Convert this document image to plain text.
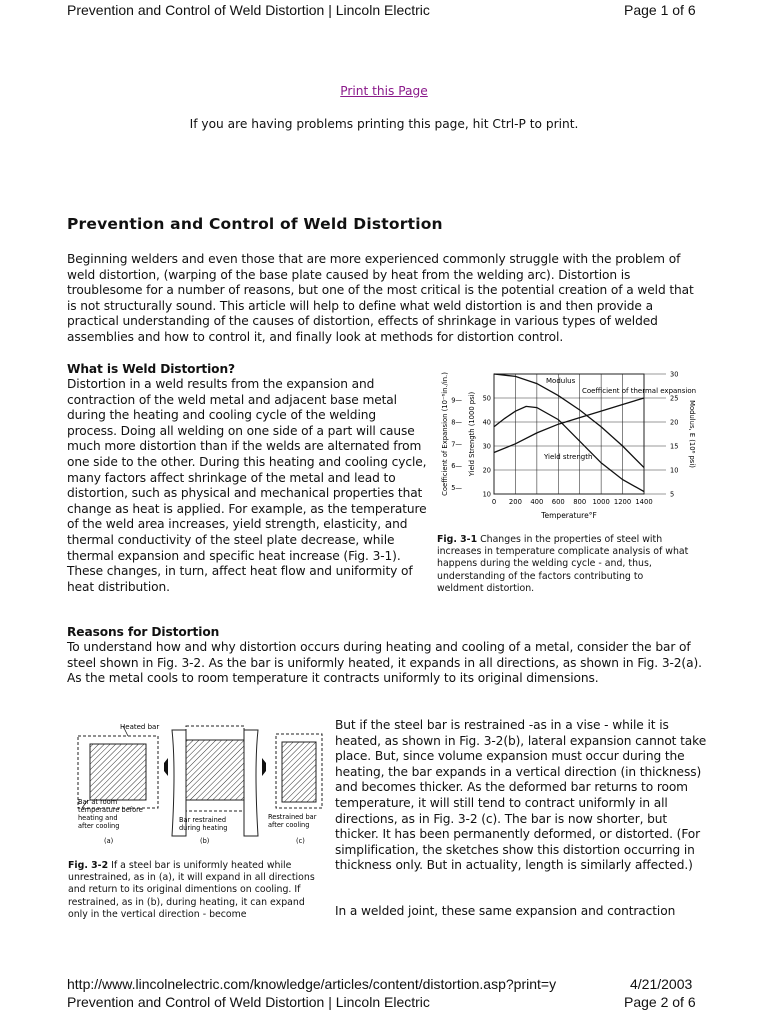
Prevention and Control of Weld Distortion | Lincoln Electric	Page 1 of 6
Print this Page
If you are having problems printing this page, hit Ctrl-P to print.
Prevention and Control of Weld Distortion

Beginning welders and even those that are more experienced commonly struggle with the problem of weld distortion, (warping of the base plate caused by heat from the welding arc). Distortion is troublesome for a number of reasons, but one of the most critical is the potential creation of a weld that is not structurally sound. This article will help to define what weld distortion is and then provide a practical understanding of the causes of distortion, effects of shrinkage in various types of welded assemblies and how to control it, and finally look at methods for distortion control.

What is Weld Distortion?

Distortion in a weld results from the expansion and contraction of the weld metal and adjacent base metal during the heating and cooling cycle of the welding process. Doing all welding on one side of a part will cause much more distortion than if the welds are alternated from one side to the other. During this heating and cooling cycle, many factors affect shrinkage of the metal and lead to distortion, such as physical and mechanical properties that change as heat is applied. For example, as the temperature of the weld area increases, yield strength, elasticity, and thermal conductivity of the steel plate decrease, while thermal expansion and specific heat increase (Fig. 3-1). These changes, in turn, affect heat flow and uniformity of heat distribution.

0 200 400 600 800 1000 1200 1400
10
20
30
40
50
5—
6—
7—
8—
9—
5
10
15
20
25
30
Temperature°F
Coefficient of Expansion (10⁻⁶in./in.)	Yield Strength (1000 psi)	Modulus, E (10⁶ psi)
Modulus
Coefficient of thermal expansion
Yield strength
Fig. 3-1 Changes in the properties of steel with increases in temperature complicate analysis of what happens during the welding cycle - and, thus, understanding of the factors contributing to weldment distortion.
Reasons for Distortion

To understand how and why distortion occurs during heating and cooling of a metal, consider the bar of steel shown in Fig. 3-2. As the bar is uniformly heated, it expands in all directions, as shown in Fig. 3-2(a). As the metal cools to room temperature it contracts uniformly to its original dimensions.

Heated bar
Bar at room temperature before heating and after cooling
Bar restrained during heating
Restrained bar after cooling
(a)	(b)	(c)
Fig. 3-2 If a steel bar is uniformly heated while unrestrained, as in (a), it will expand in all directions and return to its original dimentions on cooling. If restrained, as in (b), during heating, it can expand only in the vertical direction - become

But if the steel bar is restrained -as in a vise - while it is heated, as shown in Fig. 3-2(b), lateral expansion cannot take place. But, since volume expansion must occur during the heating, the bar expands in a vertical direction (in thickness) and becomes thicker. As the deformed bar returns to room temperature, it will still tend to contract uniformly in all directions, as in Fig. 3-2 (c). The bar is now shorter, but thicker. It has been permanently deformed, or distorted. (For simplification, the sketches show this distortion occurring in thickness only. But in actuality, length is similarly affected.)

In a welded joint, these same expansion and contraction

http://www.lincolnelectric.com/knowledge/articles/content/distortion.asp?print=y	4/21/2003
Prevention and Control of Weld Distortion | Lincoln Electric	Page 2 of 6
